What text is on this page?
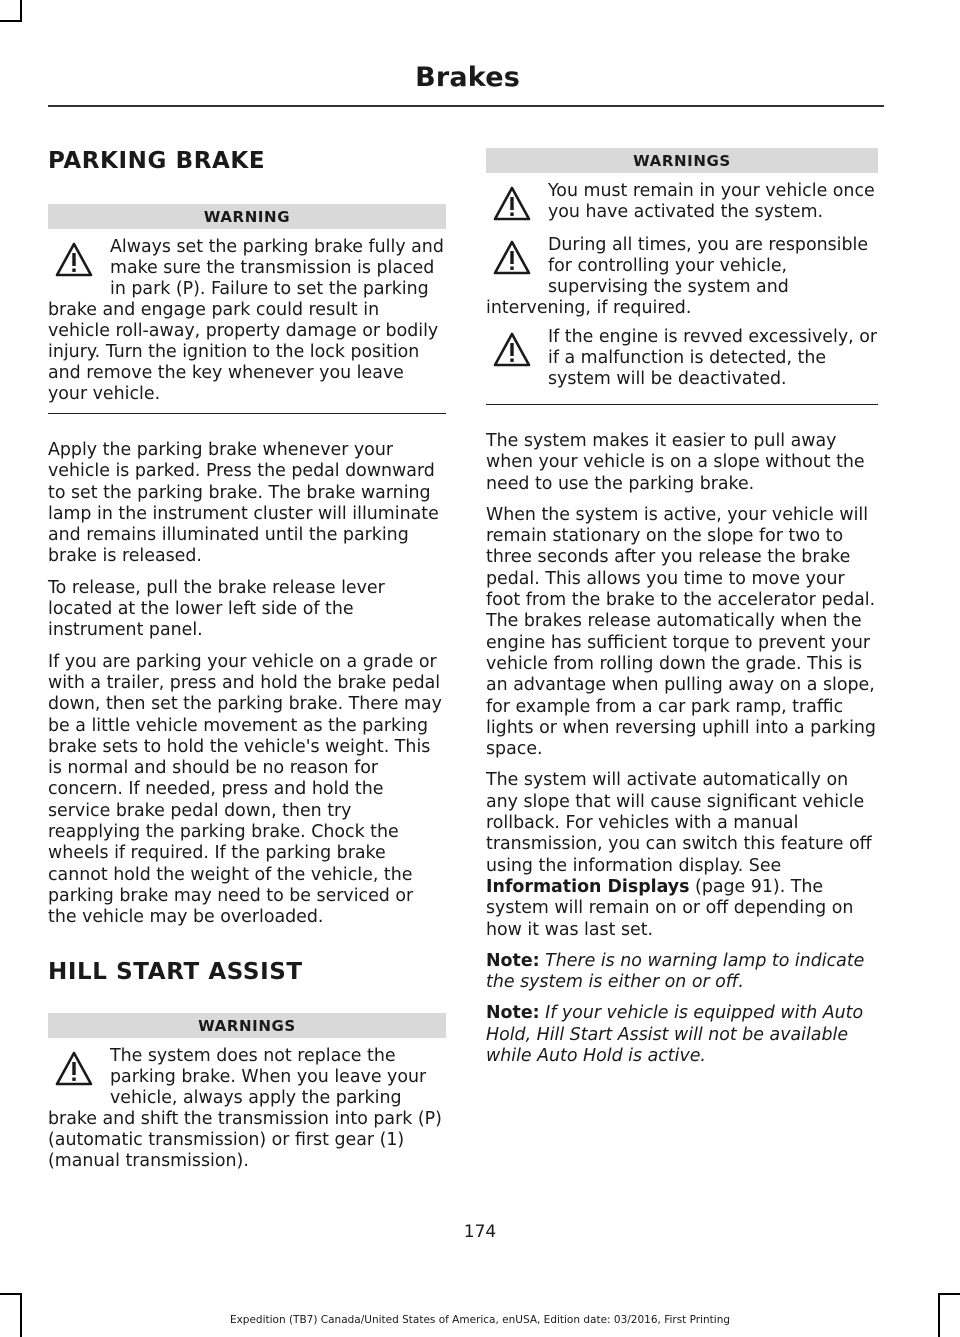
Brakes
PARKING BRAKE
WARNING
Always set the parking brake fully and make sure the transmission is placed in park (P). Failure to set the parking brake and engage park could result in vehicle roll-away, property damage or bodily injury. Turn the ignition to the lock position and remove the key whenever you leave your vehicle.

Apply the parking brake whenever your vehicle is parked. Press the pedal downward to set the parking brake. The brake warning lamp in the instrument cluster will illuminate and remains illuminated until the parking brake is released.

To release, pull the brake release lever located at the lower left side of the instrument panel.

If you are parking your vehicle on a grade or with a trailer, press and hold the brake pedal down, then set the parking brake. There may be a little vehicle movement as the parking brake sets to hold the vehicle's weight. This is normal and should be no reason for concern. If needed, press and hold the service brake pedal down, then try reapplying the parking brake. Chock the wheels if required. If the parking brake cannot hold the weight of the vehicle, the parking brake may need to be serviced or the vehicle may be overloaded.

HILL START ASSIST
WARNINGS
The system does not replace the parking brake. When you leave your vehicle, always apply the parking brake and shift the transmission into park (P) (automatic transmission) or first gear (1) (manual transmission).
WARNINGS
You must remain in your vehicle once you have activated the system.
During all times, you are responsible for controlling your vehicle, supervising the system and intervening, if required.
If the engine is revved excessively, or if a malfunction is detected, the system will be deactivated.

The system makes it easier to pull away when your vehicle is on a slope without the need to use the parking brake.

When the system is active, your vehicle will remain stationary on the slope for two to three seconds after you release the brake pedal. This allows you time to move your foot from the brake to the accelerator pedal. The brakes release automatically when the engine has sufficient torque to prevent your vehicle from rolling down the grade. This is an advantage when pulling away on a slope, for example from a car park ramp, traffic lights or when reversing uphill into a parking space.

The system will activate automatically on any slope that will cause significant vehicle rollback. For vehicles with a manual transmission, you can switch this feature off using the information display. See Information Displays (page 91). The system will remain on or off depending on how it was last set.

Note: There is no warning lamp to indicate the system is either on or off.

Note: If your vehicle is equipped with Auto Hold, Hill Start Assist will not be available while Auto Hold is active.

174
Expedition (TB7) Canada/United States of America, enUSA, Edition date: 03/2016, First Printing
